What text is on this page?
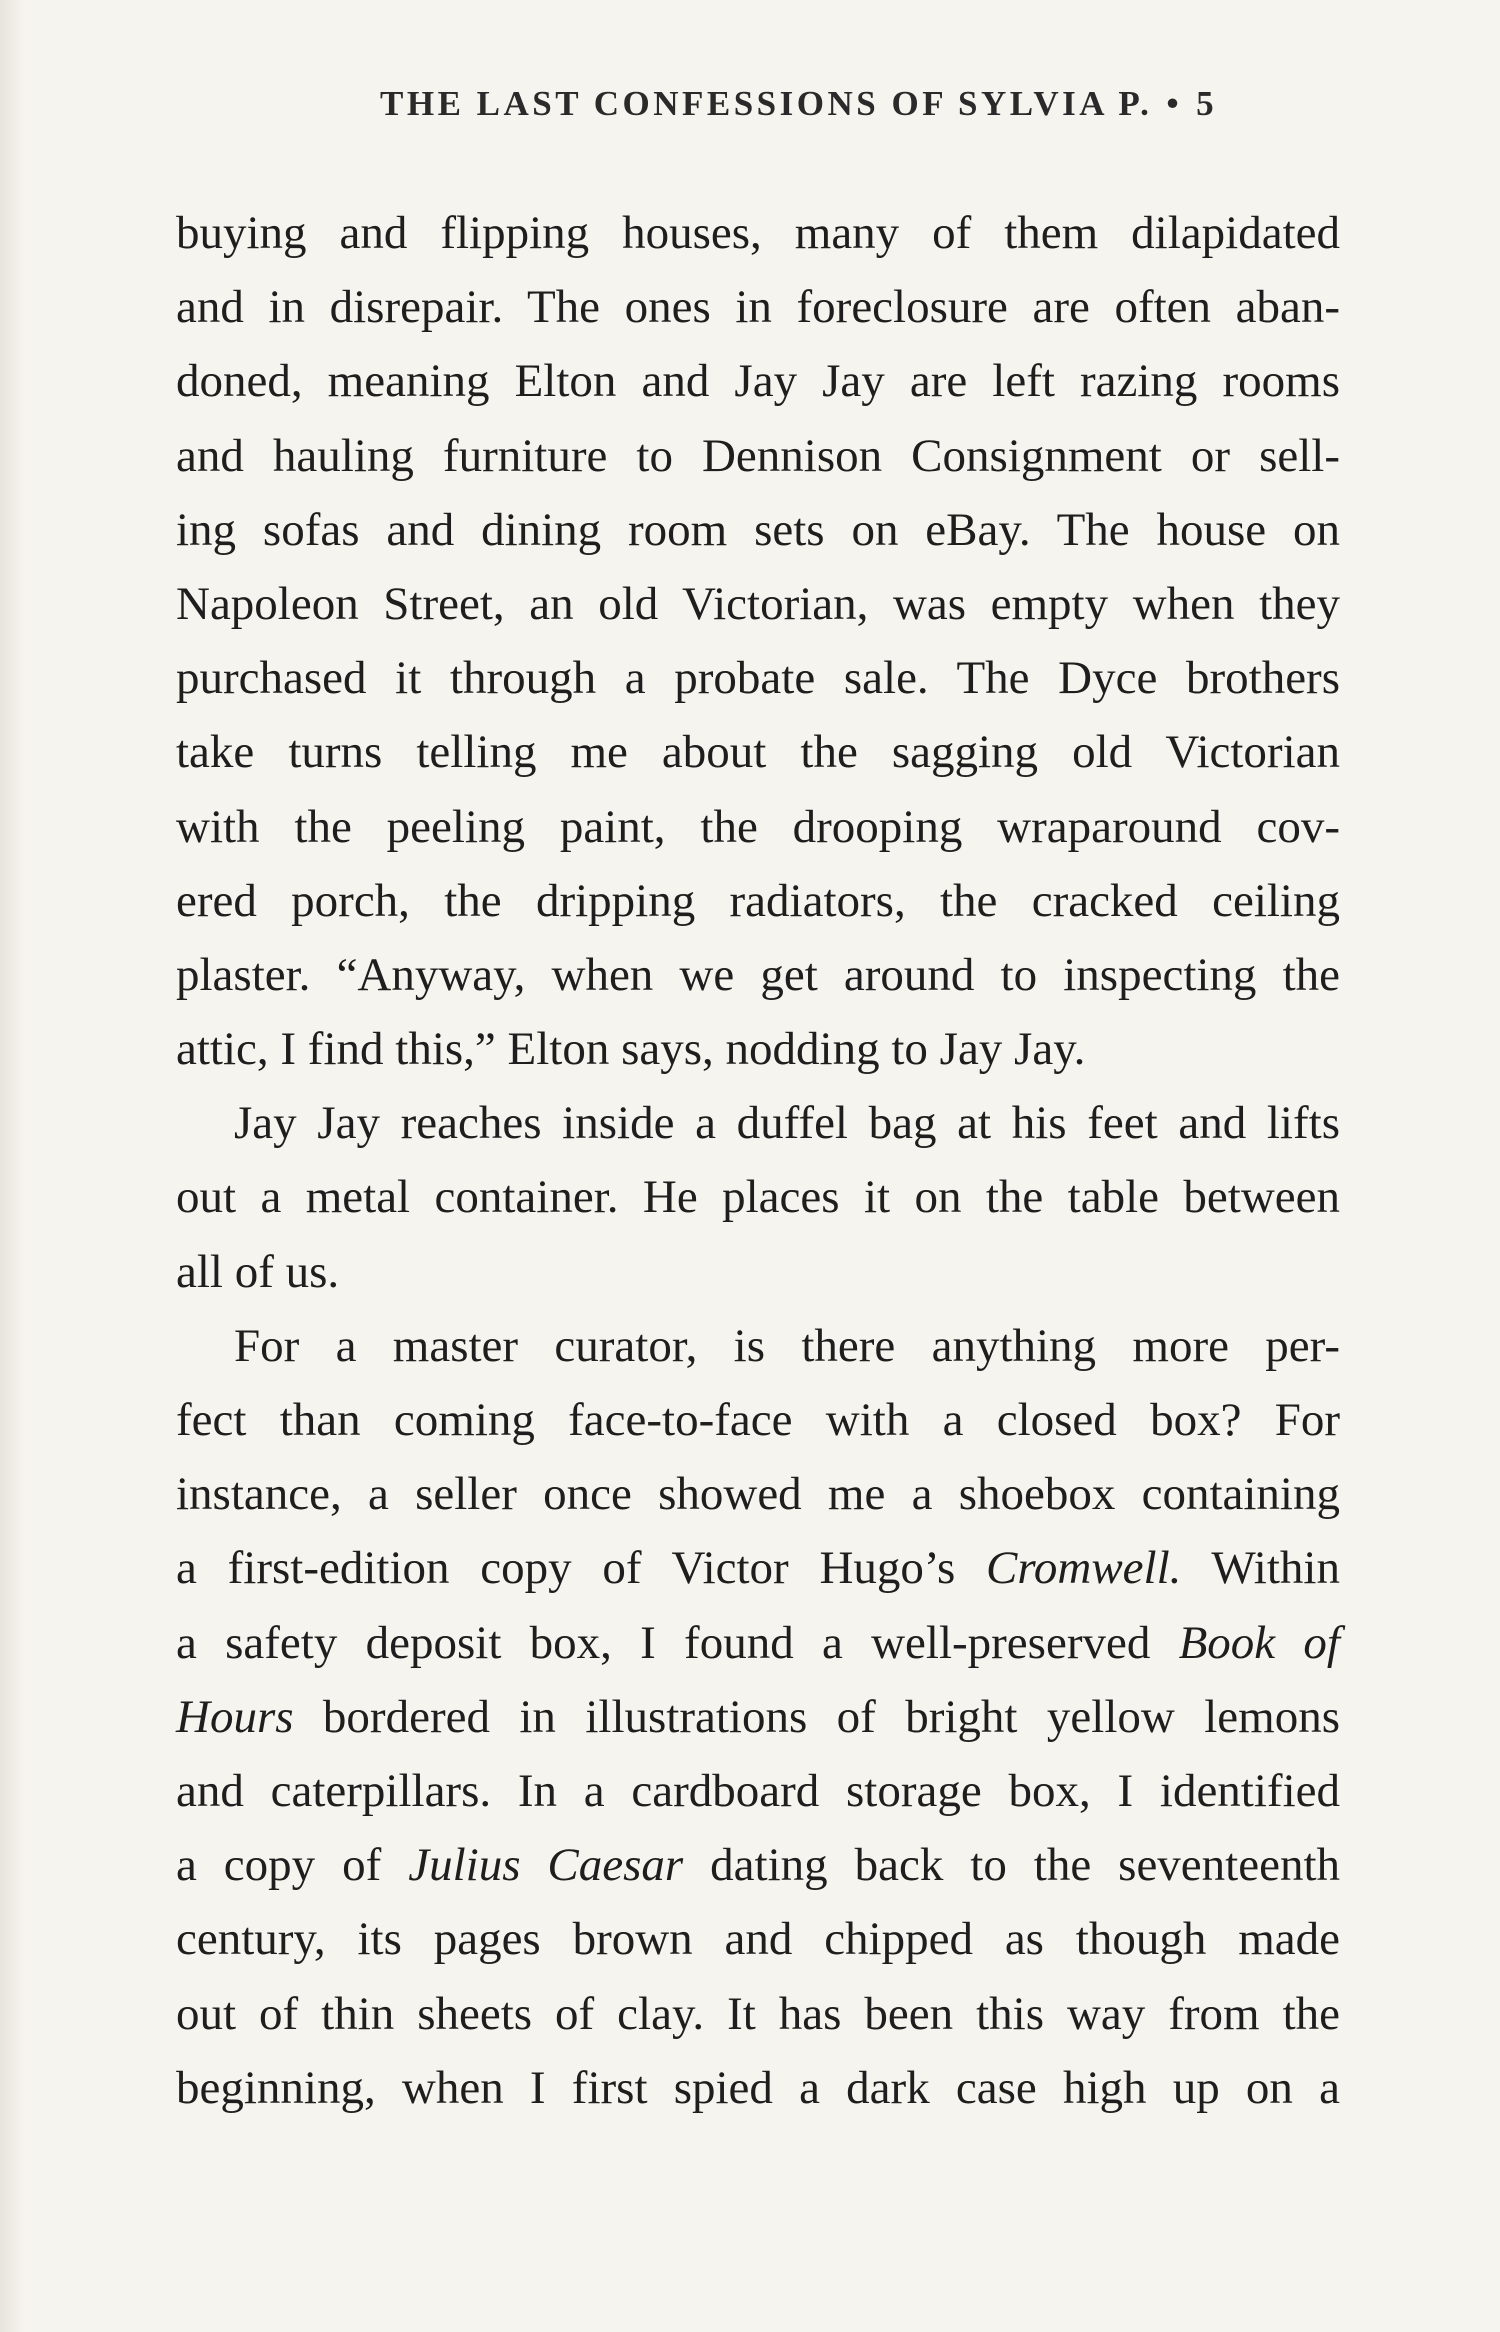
THE LAST CONFESSIONS OF SYLVIA P. • 5
buying and flipping houses, many of them dilapidated
and in disrepair. The ones in foreclosure are often aban-
doned, meaning Elton and Jay Jay are left razing rooms
and hauling furniture to Dennison Consignment or sell-
ing sofas and dining room sets on eBay. The house on
Napoleon Street, an old Victorian, was empty when they
purchased it through a probate sale. The Dyce brothers
take turns telling me about the sagging old Victorian
with the peeling paint, the drooping wraparound cov-
ered porch, the dripping radiators, the cracked ceiling
plaster. “Anyway, when we get around to inspecting the
attic, I find this,” Elton says, nodding to Jay Jay.
Jay Jay reaches inside a duffel bag at his feet and lifts
out a metal container. He places it on the table between
all of us.
For a master curator, is there anything more per-
fect than coming face-to-face with a closed box? For
instance, a seller once showed me a shoebox containing
a first-edition copy of Victor Hugo’s Cromwell. Within
a safety deposit box, I found a well-preserved Book of
Hours bordered in illustrations of bright yellow lemons
and caterpillars. In a cardboard storage box, I identified
a copy of Julius Caesar dating back to the seventeenth
century, its pages brown and chipped as though made
out of thin sheets of clay. It has been this way from the
beginning, when I first spied a dark case high up on a
